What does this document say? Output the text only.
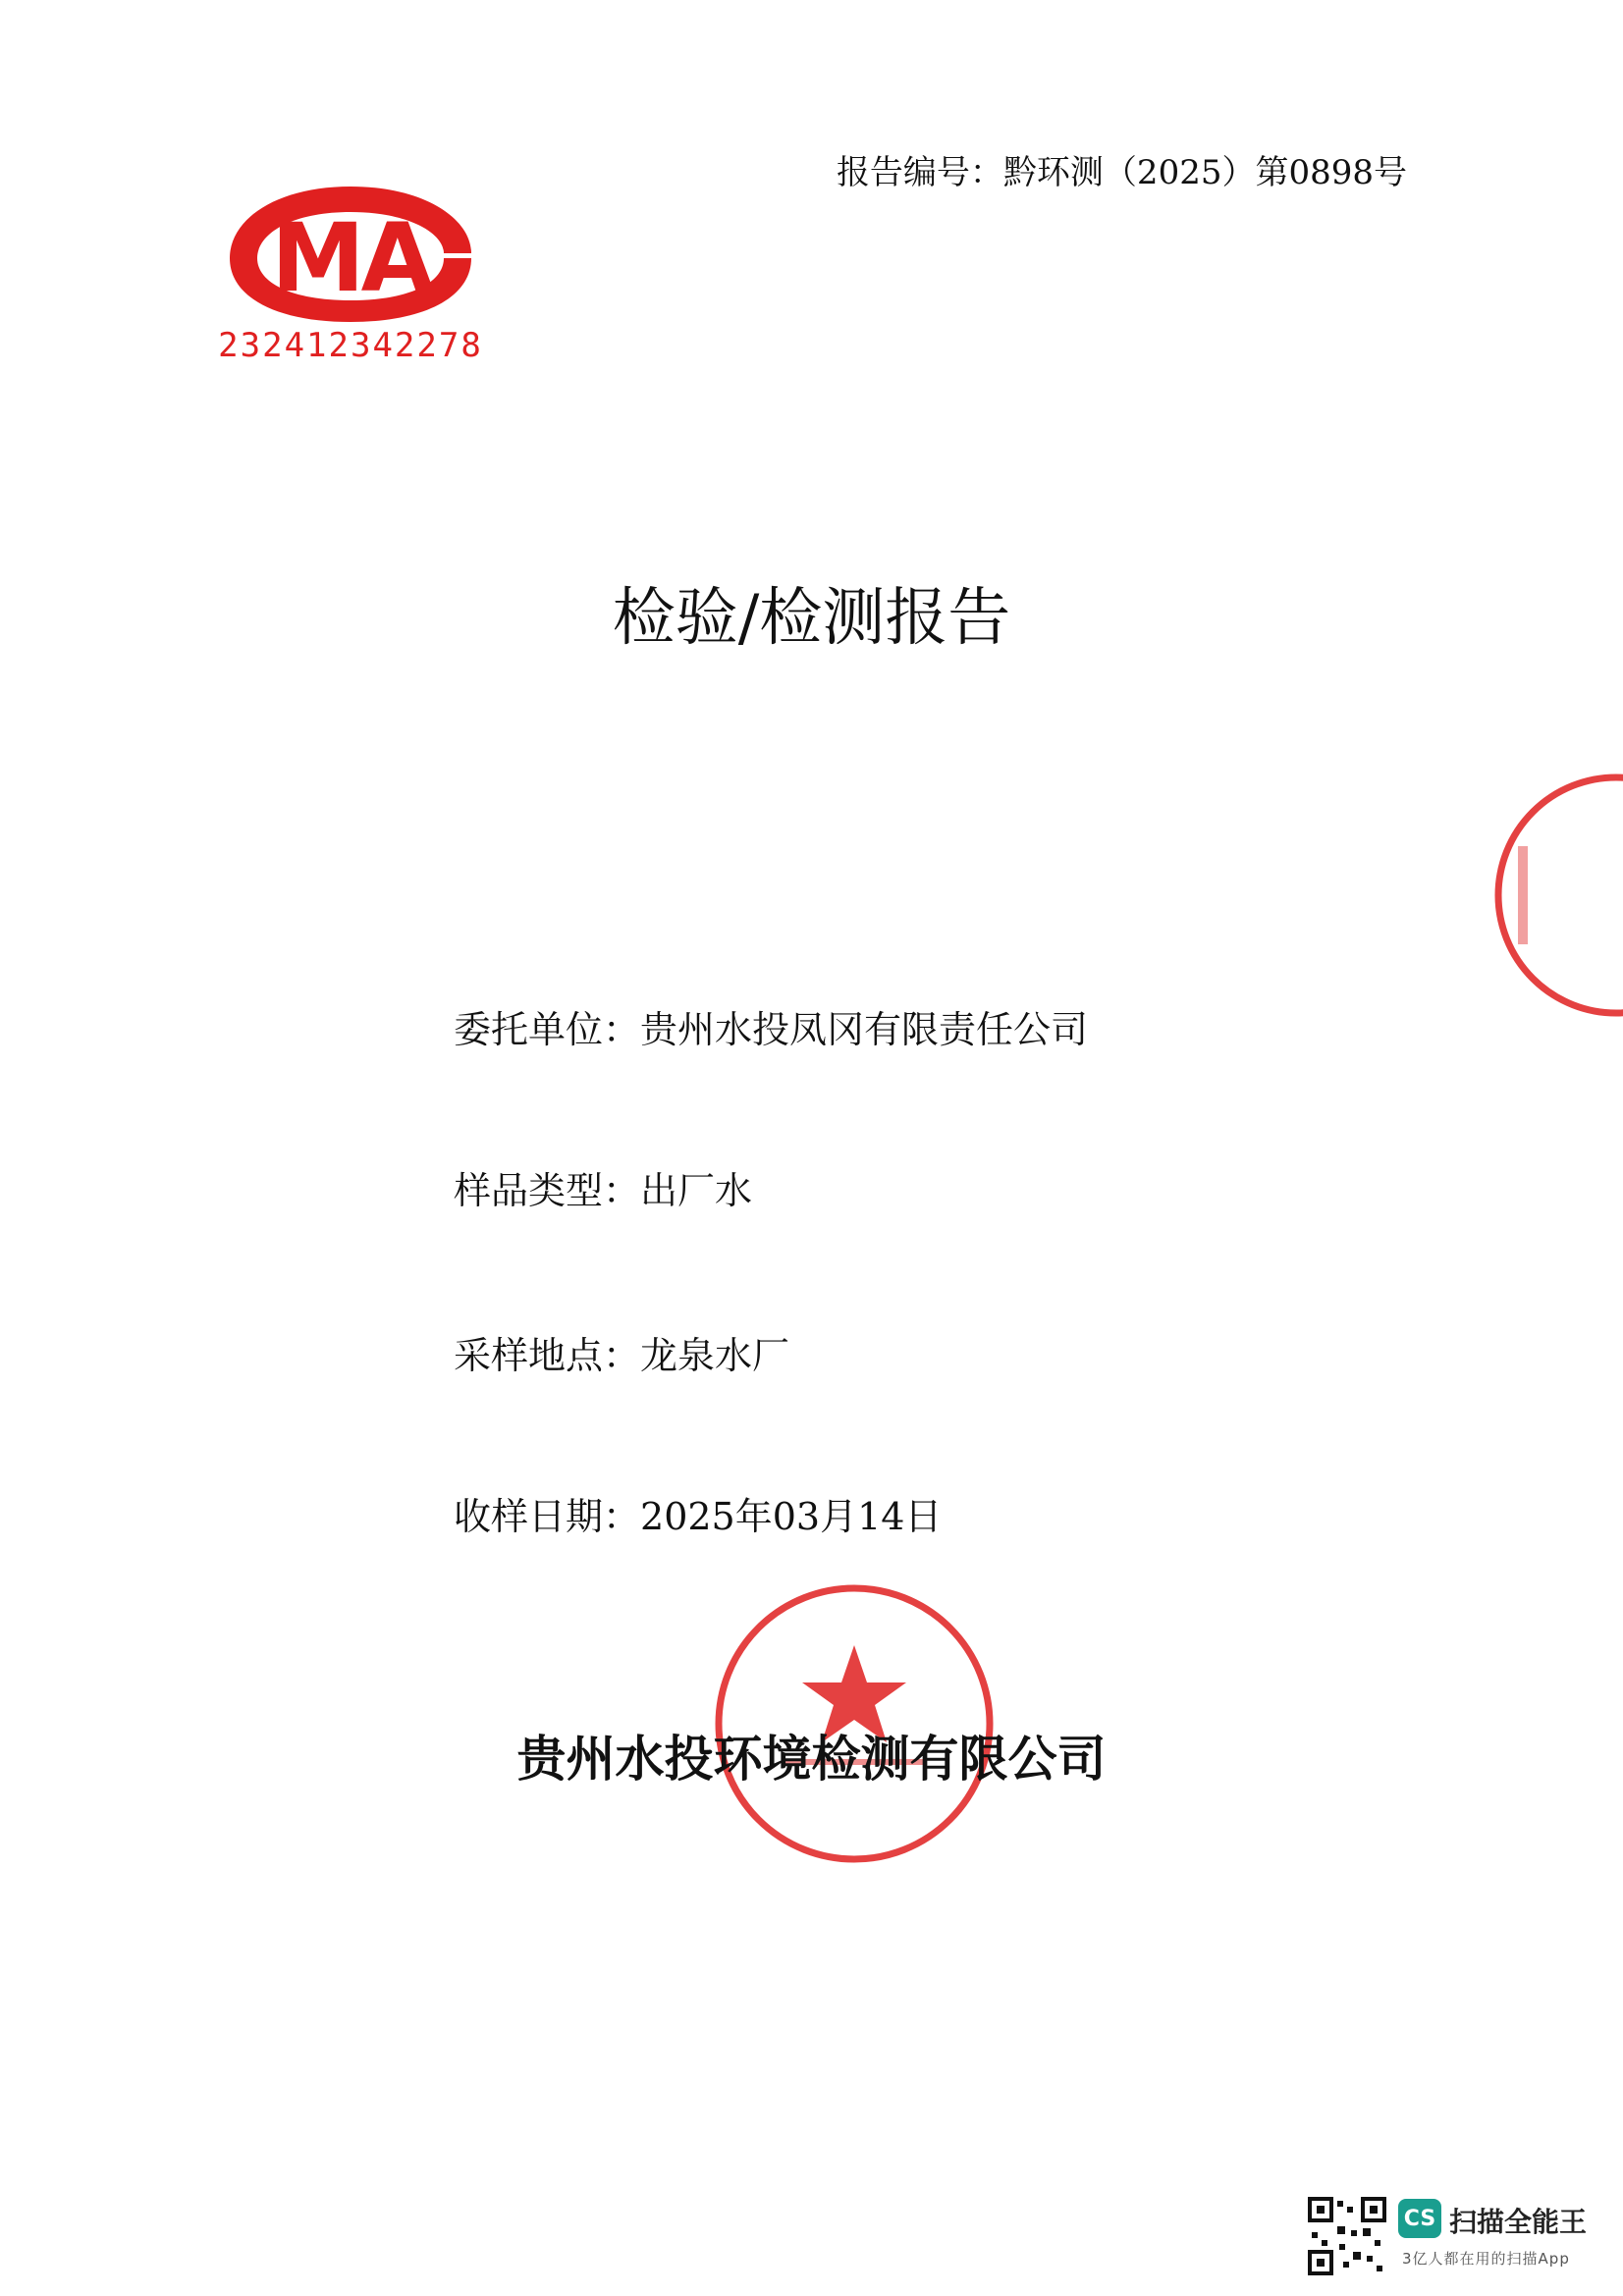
MA
232412342278
报告编号：黔环测（2025）第0898号
检验/检测报告
委托单位：贵州水投凤冈有限责任公司
样品类型：出厂水
采样地点：龙泉水厂
收样日期：2025年03月14日
贵州水投环境检测有限公司
CS 扫描全能王
3亿人都在用的扫描App
